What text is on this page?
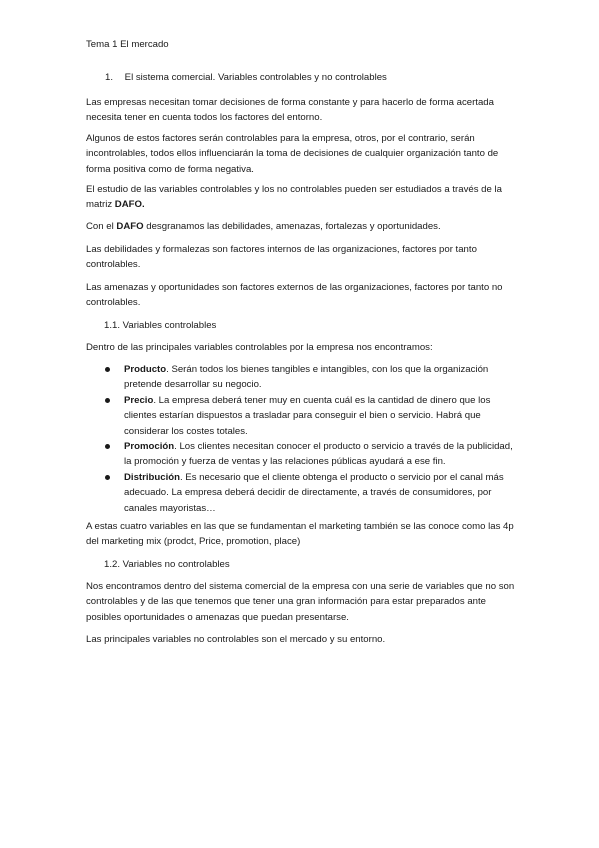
Tema 1 El mercado

1. El sistema comercial. Variables controlables y no controlables

Las empresas necesitan tomar decisiones de forma constante y para hacerlo de forma acertada necesita tener en cuenta todos los factores del entorno.

Algunos de estos factores serán controlables para la empresa, otros, por el contrario, serán incontrolables, todos ellos influenciarán la toma de decisiones de cualquier organización tanto de forma positiva como de forma negativa.

El estudio de las variables controlables y los no controlables pueden ser estudiados a través de la matriz DAFO.

Con el DAFO desgranamos las debilidades, amenazas, fortalezas y oportunidades.

Las debilidades y formalezas son factores internos de las organizaciones, factores por tanto controlables.

Las amenazas y oportunidades son factores externos de las organizaciones, factores por tanto no controlables.

1.1. Variables controlables

Dentro de las principales variables controlables por la empresa nos encontramos:

Producto. Serán todos los bienes tangibles e intangibles, con los que la organización pretende desarrollar su negocio.
Precio. La empresa deberá tener muy en cuenta cuál es la cantidad de dinero que los clientes estarían dispuestos a trasladar para conseguir el bien o servicio. Habrá que considerar los costes totales.
Promoción. Los clientes necesitan conocer el producto o servicio a través de la publicidad, la promoción y fuerza de ventas y las relaciones públicas ayudará a ese fin.
Distribución. Es necesario que el cliente obtenga el producto o servicio por el canal más adecuado. La empresa deberá decidir de directamente, a través de consumidores, por canales mayoristas…

A estas cuatro variables en las que se fundamentan el marketing también se las conoce como las 4p del marketing mix (prodct, Price, promotion, place)

1.2. Variables no controlables

Nos encontramos dentro del sistema comercial de la empresa con una serie de variables que no son controlables y de las que tenemos que tener una gran información para estar preparados ante posibles oportunidades o amenazas que puedan presentarse.

Las principales variables no controlables son el mercado y su entorno.
